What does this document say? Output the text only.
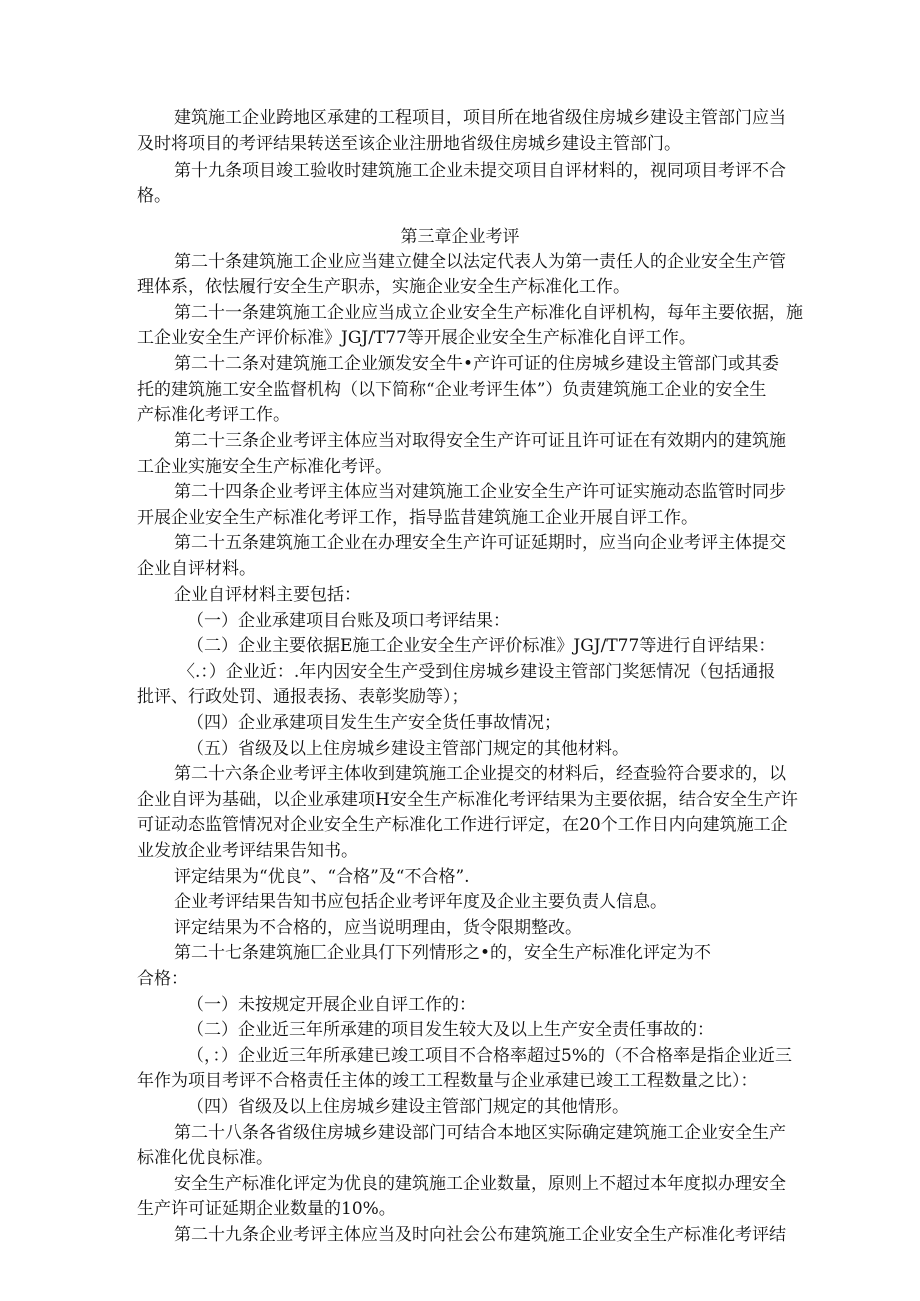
建筑施工企业跨地区承建的工程项目，项目所在地省级住房城乡建设主管部门应当
及时将项目的考评结果转送至该企业注册地省级住房城乡建设主管部门。
第十九条项目竣工验收时建筑施工企业未提交项目自评材料的，视同项目考评不合
格。
第三章企业考评
第二十条建筑施工企业应当建立健全以法定代表人为第一责任人的企业安全生产管
理体系，依怯履行安全生产职赤，实施企业安全生产标准化工作。
第二十一条建筑施工企业应当成立企业安全生产标准化自评机构，每年主要依据，施
工企业安全生产评价标准》JGJ/T77等开展企业安全生产标准化自评工作。
第二十二条对建筑施工企业颁发安全牛•产许可证的住房城乡建设主管部门或其委
托的建筑施工安全监督机构（以下简称“企业考评生体”）负责建筑施工企业的安全生
产标准化考评工作。
第二十三条企业考评主体应当对取得安全生产许可证且许可证在有效期内的建筑施
工企业实施安全生产标准化考评。
第二十四条企业考评主体应当对建筑施工企业安全生产许可证实施动态监管时同步
开展企业安全生产标准化考评工作，指导监昔建筑施工企业开展自评工作。
第二十五条建筑施工企业在办理安全生产许可证延期时，应当向企业考评主体提交
企业自评材料。
企业自评材料主要包括：
（一）企业承建项目台账及项口考评结果：
（二）企业主要依据E施工企业安全生产评价标准》JGJ/T77等进行自评结果：
〈.：）企业近：.年内因安全生产受到住房城乡建设主管部门奖惩情况（包括通报
批评、行政处罚、通报表扬、表彰奖励等）；
（四）企业承建项目发生生产安全货任事故情况；
（五）省级及以上住房城乡建设主管部门规定的其他材料。
第二十六条企业考评主体收到建筑施工企业提交的材料后，经查验符合要求的，以
企业自评为基础，以企业承建项H安全生产标准化考评结果为主要依据，结合安全生产许
可证动态监管情况对企业安全生产标准化工作进行评定，在20个工作日内向建筑施工企
业发放企业考评结果告知书。
评定结果为“优良”、“合格”及“不合格”.
企业考评结果告知书应包括企业考评年度及企业主要负责人信息。
评定结果为不合格的，应当说明理由，货令限期整改。
第二十七条建筑施匚企业具仃下列情形之•的，安全生产标准化评定为不
合格：
（一）未按规定开展企业自评工作的：
（二）企业近三年所承建的项目发生较大及以上生产安全责任事故的：
（，：）企业近三年所承建已竣工项目不合格率超过5%的（不合格率是指企业近三
年作为项目考评不合格责任主体的竣工工程数量与企业承建已竣工工程数量之比）：
（四）省级及以上住房城乡建设主管部门规定的其他情形。
第二十八条各省级住房城乡建设部门可结合本地区实际确定建筑施工企业安全生产
标准化优良标准。
安全生产标准化评定为优良的建筑施工企业数量，原则上不超过本年度拟办理安全
生产许可证延期企业数量的10%。
第二十九条企业考评主体应当及时向社会公布建筑施工企业安全生产标准化考评结
